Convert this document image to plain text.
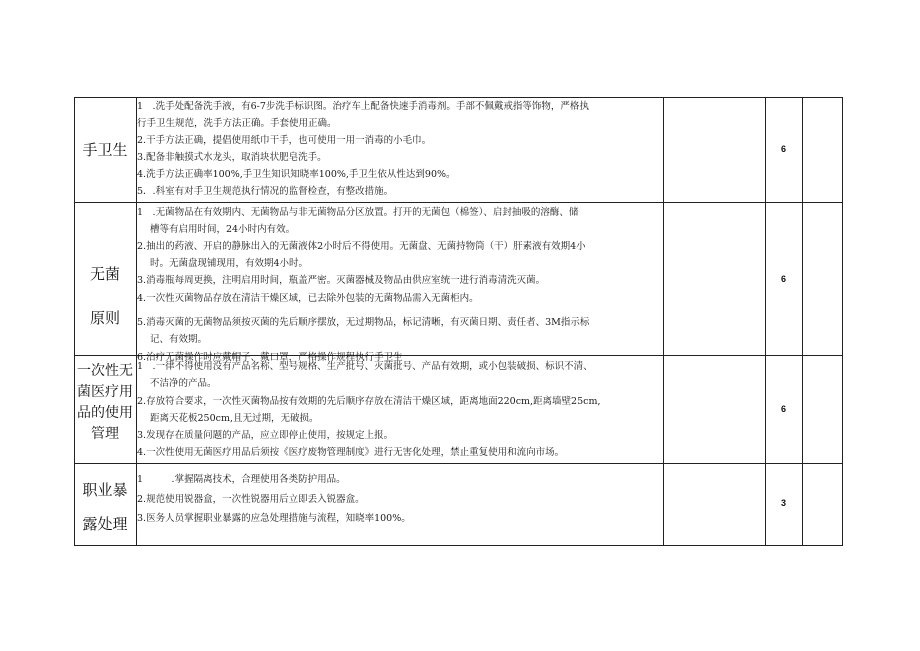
手卫生
1　.洗手处配备洗手液，有6-7步洗手标识图。治疗车上配备快速手消毒剂。手部不佩戴戒指等饰物，严格执
行手卫生规范，洗手方法正确。手套使用正确。
2.干手方法正确，提倡使用纸巾干手，也可使用一用一消毒的小毛巾。
3.配备非触摸式水龙头，取消块状肥皂洗手。
4.洗手方法正确率100%,手卫生知识知晓率100%,手卫生依从性达到90%。
5．.科室有对手卫生规范执行情况的监督检查，有整改措施。
6
无菌
原则
1　.无菌物品在有效期内、无菌物品与非无菌物品分区放置。打开的无菌包（棉签）、启封抽吸的溶酶、储
槽等有启用时间，24小时内有效。
2.抽出的药液、开启的静脉出入的无菌液体2小时后不得使用。无菌盘、无菌持物筒（干）肝素液有效期4小
时。无菌盘现铺现用，有效期4小时。
3.消毒瓶每周更换，注明启用时间，瓶盖严密。灭菌器械及物品由供应室统一进行消毒清洗灭菌。
4.一次性灭菌物品存放在清洁干燥区域，已去除外包装的无菌物品需入无菌柜内。
5.消毒灭菌的无菌物品须按灭菌的先后顺序摆放，无过期物品，标记清晰，有灭菌日期、责任者、3M指示标
记、有效期。
6.治疗无菌操作时应戴帽子、戴口罩，严格操作规程执行手卫生
6
一次性无
菌医疗用
品的使用
管理
1　.一律不得使用没有产品名称、型号规格、生产批号、灭菌批号、产品有效期，或小包装破损、标识不清、
不洁净的产品。
2.存放符合要求，一次性灭菌物品按有效期的先后顺序存放在清洁干燥区域，距离地面220cm,距离墙壁25cm,
距离天花板250cm,且无过期，无破损。
3.发现存在质量问题的产品，应立即停止使用，按规定上报。
4.一次性使用无菌医疗用品后须按《医疗废物管理制度》进行无害化处理，禁止重复使用和流向市场。
6
职业暴
露处理
1　　　.掌握隔离技术，合理使用各类防护用品。
2.规范使用锐器盒，一次性锐器用后立即丢入锐器盒。
3.医务人员掌握职业暴露的应急处理措施与流程，知晓率100%。
3
